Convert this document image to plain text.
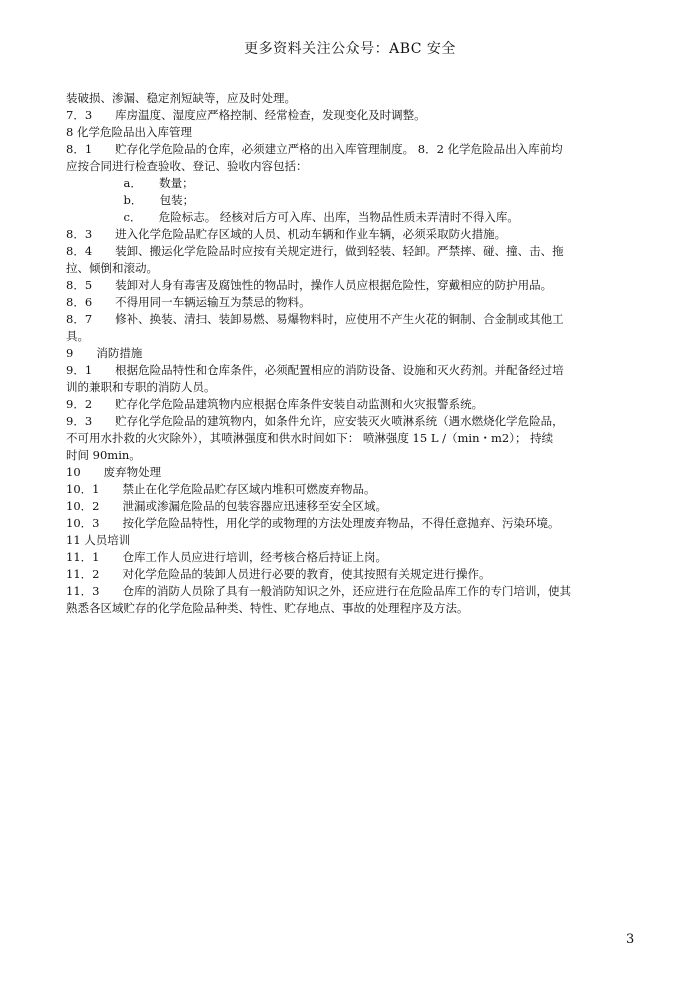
更多资料关注公众号：ABC 安全

装破损、渗漏、稳定剂短缺等，应及时处理。

7．3　　库房温度、湿度应严格控制、经常检查，发现变化及时调整。

8 化学危险品出入库管理

8．1　　贮存化学危险品的仓库，必须建立严格的出入库管理制度。 8．2 化学危险品出入库前均

应按合同进行检查验收、登记、验收内容包括：

　　　　　a．　　数量；

　　　　　b．　　包装；

　　　　　c．　　危险标志。 经核对后方可入库、出库，当物品性质未弄清时不得入库。

8．3　　进入化学危险品贮存区域的人员、机动车辆和作业车辆，必须采取防火措施。

8．4　　装卸、搬运化学危险品时应按有关规定进行，做到轻装、轻卸。严禁摔、碰、撞、击、拖

拉、倾倒和滚动。

8．5　　装卸对人身有毒害及腐蚀性的物品时，操作人员应根据危险性，穿戴相应的防护用品。

8．6　　不得用同一车辆运输互为禁忌的物料。

8．7　　修补、换装、清扫、装卸易燃、易爆物料时，应使用不产生火花的铜制、合金制或其他工

具。

9　　消防措施

9．1　　根据危险品特性和仓库条件，必须配置相应的消防设备、设施和灭火药剂。并配备经过培

训的兼职和专职的消防人员。

9．2　　贮存化学危险品建筑物内应根据仓库条件安装自动监测和火灾报警系统。

9．3　　贮存化学危险品的建筑物内，如条件允许，应安装灭火喷淋系统（遇水燃烧化学危险品，

不可用水扑救的火灾除外），其喷淋强度和供水时间如下： 喷淋强度 15 L /（min・m2）； 持续

时间 90min。

10　　废弃物处理

10．1　　禁止在化学危险品贮存区域内堆积可燃废弃物品。

10．2　　泄漏或渗漏危险品的包装容器应迅速移至安全区域。

10．3　　按化学危险品特性，用化学的或物理的方法处理废弃物品，不得任意抛弃、污染环境。

11 人员培训

11．1　　仓库工作人员应进行培训，经考核合格后持证上岗。

11．2　　对化学危险品的装卸人员进行必要的教育，使其按照有关规定进行操作。

11．3　　仓库的消防人员除了具有一般消防知识之外，还应进行在危险品库工作的专门培训，使其

熟悉各区域贮存的化学危险品种类、特性、贮存地点、事故的处理程序及方法。

3
